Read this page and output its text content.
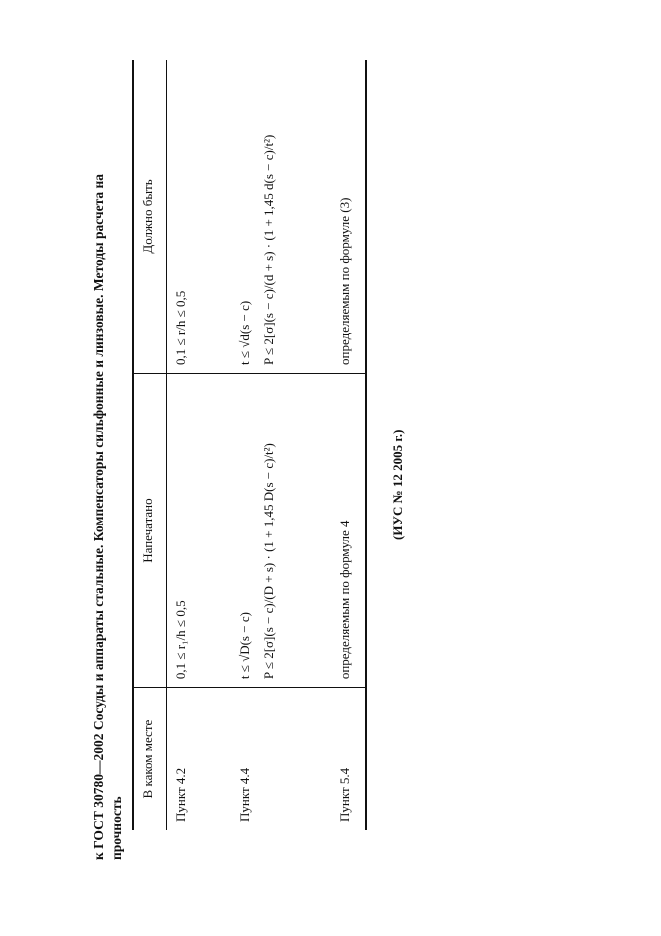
к ГОСТ 30780—2002 Сосуды и аппараты стальные. Компенсаторы сильфонные и линзовые. Методы расчета на прочность
В каком месте	Напечатано	Должно быть
Пункт 4.2	0,1 ≤ r₁/h ≤ 0,5	0,1 ≤ r/h ≤ 0,5

Пункт 4.4	t ≤ √D(s − c) P ≤ 2[σ](s − c)/(D + s) · (1 + 1,45 D(s − c)/t²)	t ≤ √d(s − c) P ≤ 2[σ](s − c)/(d + s) · (1 + 1,45 d(s − c)/t²)

Пункт 5.4	определяемым по формуле 4	определяемым по формуле (3)
(ИУС № 12 2005 г.)
